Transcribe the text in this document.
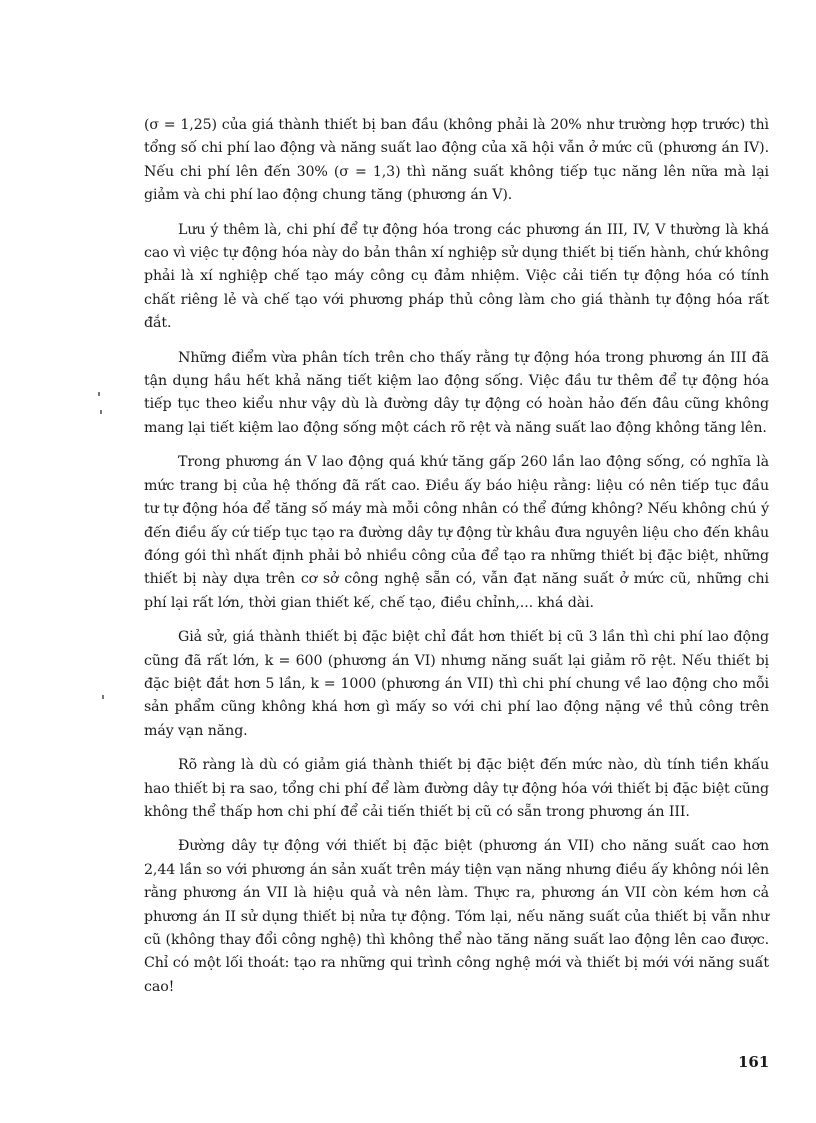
(σ = 1,25) của giá thành thiết bị ban đầu (không phải là 20% như trường hợp trước) thì tổng số chi phí lao động và năng suất lao động của xã hội vẫn ở mức cũ (phương án IV). Nếu chi phí lên đến 30% (σ = 1,3) thì năng suất không tiếp tục năng lên nữa mà lại giảm và chi phí lao động chung tăng (phương án V).

Lưu ý thêm là, chi phí để tự động hóa trong các phương án III, IV, V thường là khá cao vì việc tự động hóa này do bản thân xí nghiệp sử dụng thiết bị tiến hành, chứ không phải là xí nghiệp chế tạo máy công cụ đảm nhiệm. Việc cải tiến tự động hóa có tính chất riêng lẻ và chế tạo với phương pháp thủ công làm cho giá thành tự động hóa rất đắt.

Những điểm vừa phân tích trên cho thấy rằng tự động hóa trong phương án III đã tận dụng hầu hết khả năng tiết kiệm lao động sống. Việc đầu tư thêm để tự động hóa tiếp tục theo kiểu như vậy dù là đường dây tự động có hoàn hảo đến đâu cũng không mang lại tiết kiệm lao động sống một cách rõ rệt và năng suất lao động không tăng lên.

Trong phương án V lao động quá khứ tăng gấp 260 lần lao động sống, có nghĩa là mức trang bị của hệ thống đã rất cao. Điều ấy báo hiệu rằng: liệu có nên tiếp tục đầu tư tự động hóa để tăng số máy mà mỗi công nhân có thể đứng không? Nếu không chú ý đến điều ấy cứ tiếp tục tạo ra đường dây tự động từ khâu đưa nguyên liệu cho đến khâu đóng gói thì nhất định phải bỏ nhiều công của để tạo ra những thiết bị đặc biệt, những thiết bị này dựa trên cơ sở công nghệ sẵn có, vẫn đạt năng suất ở mức cũ, những chi phí lại rất lớn, thời gian thiết kế, chế tạo, điều chỉnh,... khá dài.

Giả sử, giá thành thiết bị đặc biệt chỉ đắt hơn thiết bị cũ 3 lần thì chi phí lao động cũng đã rất lớn, k = 600 (phương án VI) nhưng năng suất lại giảm rõ rệt. Nếu thiết bị đặc biệt đắt hơn 5 lần, k = 1000 (phương án VII) thì chi phí chung về lao động cho mỗi sản phẩm cũng không khá hơn gì mấy so với chi phí lao động nặng về thủ công trên máy vạn năng.

Rõ ràng là dù có giảm giá thành thiết bị đặc biệt đến mức nào, dù tính tiền khấu hao thiết bị ra sao, tổng chi phí để làm đường dây tự động hóa với thiết bị đặc biệt cũng không thể thấp hơn chi phí để cải tiến thiết bị cũ có sẵn trong phương án III.

Đường dây tự động với thiết bị đặc biệt (phương án VII) cho năng suất cao hơn 2,44 lần so với phương án sản xuất trên máy tiện vạn năng nhưng điều ấy không nói lên rằng phương án VII là hiệu quả và nên làm. Thực ra, phương án VII còn kém hơn cả phương án II sử dụng thiết bị nửa tự động. Tóm lại, nếu năng suất của thiết bị vẫn như cũ (không thay đổi công nghệ) thì không thể nào tăng năng suất lao động lên cao được. Chỉ có một lối thoát: tạo ra những qui trình công nghệ mới và thiết bị mới với năng suất cao!

161
